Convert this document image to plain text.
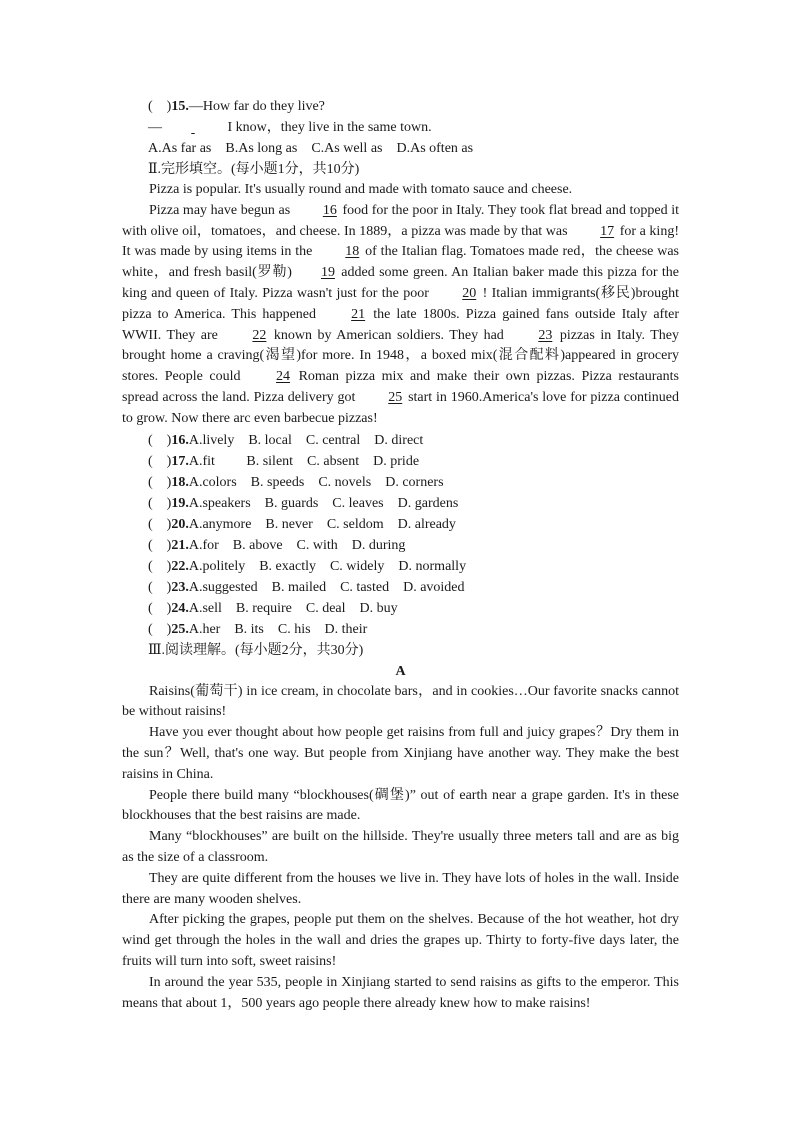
(　)15.—How far do they live?
—	I know，they live in the same town.
A.As far as　B.As long as　C.As well as　D.As often as
Ⅱ.完形填空。(每小题1分，共10分)

Pizza is popular. It's usually round and made with tomato sauce and cheese.

Pizza may have begun as 16 food for the poor in Italy. They took flat bread and topped it with olive oil，tomatoes，and cheese. In 1889，a pizza was made by that was 17 for a king! It was made by using items in the 18 of the Italian flag. Tomatoes made red，the cheese was white，and fresh basil(罗勒) 19 added some green. An Italian baker made this pizza for the king and queen of Italy. Pizza wasn't just for the poor 20 ! Italian immigrants(移民)brought pizza to America. This happened 21 the late 1800s. Pizza gained fans outside Italy after WWII. They are 22 known by American soldiers. They had 23 pizzas in Italy. They brought home a craving(渴望)for more. In 1948，a boxed mix(混合配料)appeared in grocery stores. People could 24 Roman pizza mix and make their own pizzas. Pizza restaurants spread across the land. Pizza delivery got 25 start in 1960.America's love for pizza continued to grow. Now there arc even barbecue pizzas!

(　)16.A.lively　B. local　C. central　D. direct
(　)17.A.fit　　 B. silent　C. absent　D. pride
(　)18.A.colors　B. speeds　C. novels　D. corners
(　)19.A.speakers　B. guards　C. leaves　D. gardens
(　)20.A.anymore　B. never　C. seldom　D. already
(　)21.A.for　B. above　C. with　D. during
(　)22.A.politely　B. exactly　C. widely　D. normally
(　)23.A.suggested　B. mailed　C. tasted　D. avoided
(　)24.A.sell　B. require　C. deal　D. buy
(　)25.A.her　B. its　C. his　D. their
Ⅲ.阅读理解。(每小题2分，共30分)
A

Raisins(葡萄干) in ice cream, in chocolate bars，and in cookies…Our favorite snacks cannot be without raisins!

Have you ever thought about how people get raisins from full and juicy grapes？Dry them in the sun？Well, that's one way. But people from Xinjiang have another way. They make the best raisins in China.

People there build many “blockhouses(碉堡)” out of earth near a grape garden. It's in these blockhouses that the best raisins are made.

Many “blockhouses” are built on the hillside. They're usually three meters tall and are as big as the size of a classroom.

They are quite different from the houses we live in. They have lots of holes in the wall. Inside there are many wooden shelves.

After picking the grapes, people put them on the shelves. Because of the hot weather, hot dry wind get through the holes in the wall and dries the grapes up. Thirty to forty-five days later, the fruits will turn into soft, sweet raisins!

In around the year 535, people in Xinjiang started to send raisins as gifts to the emperor. This means that about 1，500 years ago people there already knew how to make raisins!
